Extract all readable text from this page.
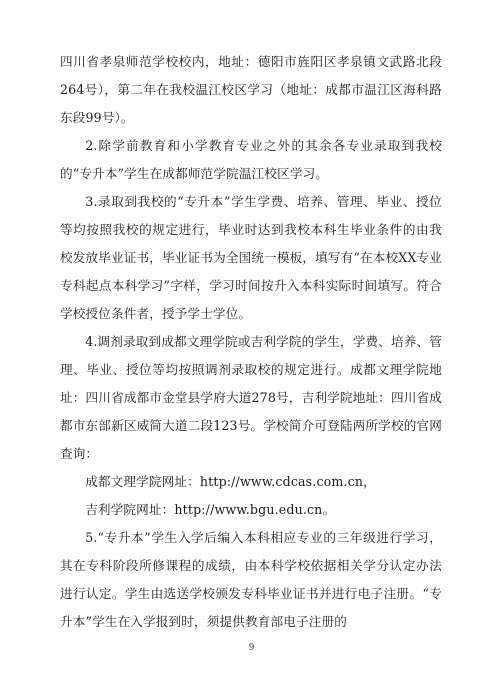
四川省孝泉师范学校校内，地址：德阳市旌阳区孝泉镇文武路北段264号），第二年在我校温江校区学习（地址：成都市温江区海科路东段99号）。

2.除学前教育和小学教育专业之外的其余各专业录取到我校的“专升本”学生在成都师范学院温江校区学习。

3.录取到我校的“专升本”学生学费、培养、管理、毕业、授位等均按照我校的规定进行，毕业时达到我校本科生毕业条件的由我校发放毕业证书，毕业证书为全国统一模板，填写有“在本校XX专业专科起点本科学习”字样，学习时间按升入本科实际时间填写。符合学校授位条件者，授予学士学位。

4.调剂录取到成都文理学院或吉利学院的学生，学费、培养、管理、毕业、授位等均按照调剂录取校的规定进行。成都文理学院地址：四川省成都市金堂县学府大道278号，吉利学院地址：四川省成都市东部新区威简大道二段123号。学校简介可登陆两所学校的官网查询：

成都文理学院网址：http://www.cdcas.com.cn，

吉利学院网址：http://www.bgu.edu.cn。

5.“专升本”学生入学后编入本科相应专业的三年级进行学习，其在专科阶段所修课程的成绩，由本科学校依据相关学分认定办法进行认定。学生由选送学校颁发专科毕业证书并进行电子注册。“专升本”学生在入学报到时，须提供教育部电子注册的

9
